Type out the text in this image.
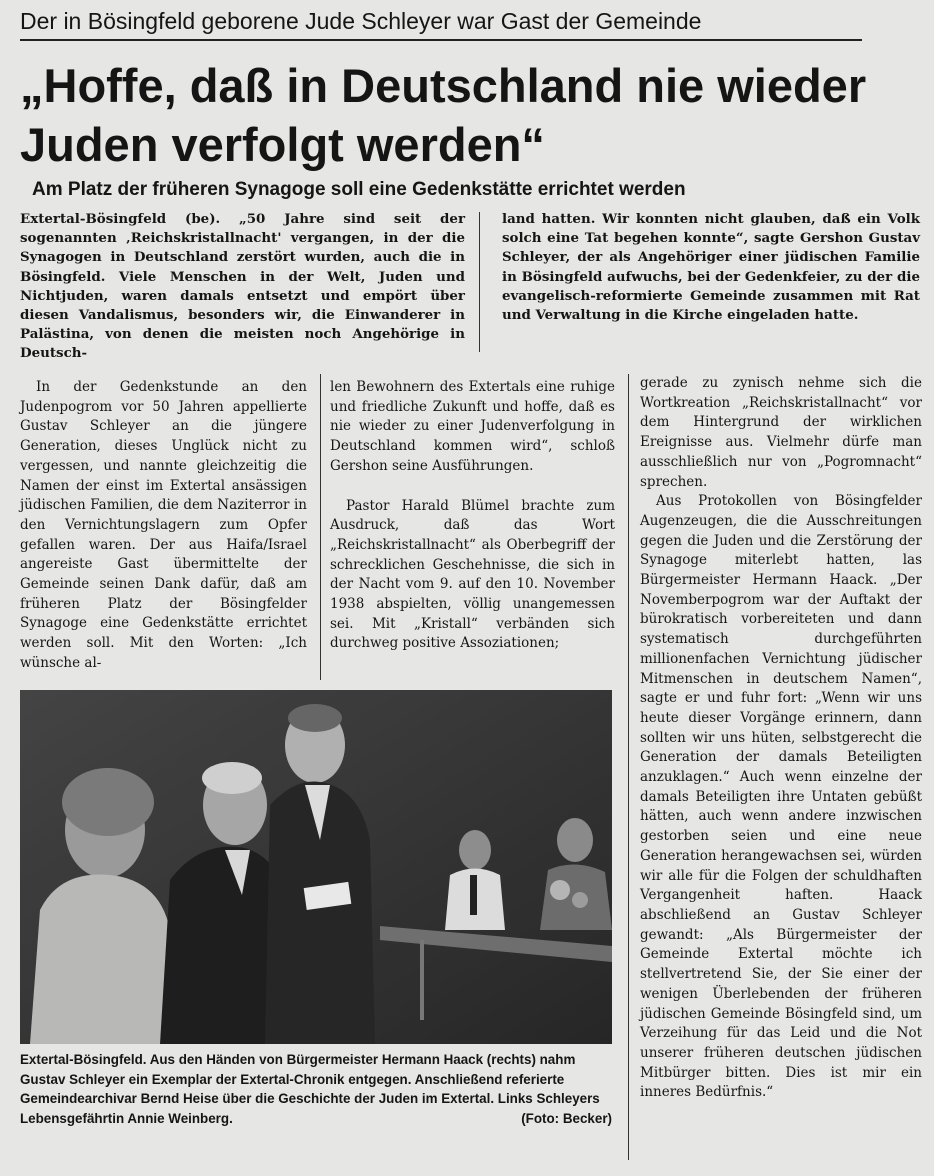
Der in Bösingfeld geborene Jude Schleyer war Gast der Gemeinde
„Hoffe, daß in Deutschland nie wieder Juden verfolgt werden“
Am Platz der früheren Synagoge soll eine Gedenkstätte errichtet werden
Extertal-Bösingfeld (be). „50 Jahre sind seit der sogenannten ‚Reichskristallnacht' vergangen, in der die Synagogen in Deutschland zerstört wurden, auch die in Bösingfeld. Viele Menschen in der Welt, Juden und Nichtjuden, waren damals entsetzt und empört über diesen Vandalismus, besonders wir, die Einwanderer in Palästina, von denen die meisten noch Angehörige in Deutsch-
land hatten. Wir konnten nicht glauben, daß ein Volk solch eine Tat begehen konnte“, sagte Gershon Gustav Schleyer, der als Angehöriger einer jüdischen Familie in Bösingfeld aufwuchs, bei der Gedenkfeier, zu der die evangelisch-reformierte Gemeinde zusammen mit Rat und Verwaltung in die Kirche eingeladen hatte.

In der Gedenkstunde an den Judenpogrom vor 50 Jahren appellierte Gustav Schleyer an die jüngere Generation, dieses Unglück nicht zu vergessen, und nannte gleichzeitig die Namen der einst im Extertal ansässigen jüdischen Familien, die dem Naziterror in den Vernichtungslagern zum Opfer gefallen waren. Der aus Haifa/Israel angereiste Gast übermittelte der Gemeinde seinen Dank dafür, daß am früheren Platz der Bösingfelder Synagoge eine Gedenkstätte errichtet werden soll. Mit den Worten: „Ich wünsche al-

len Bewohnern des Extertals eine ruhige und friedliche Zukunft und hoffe, daß es nie wieder zu einer Judenverfolgung in Deutschland kommen wird“, schloß Gershon seine Ausführungen.

Pastor Harald Blümel brachte zum Ausdruck, daß das Wort „Reichskristallnacht“ als Oberbegriff der schrecklichen Geschehnisse, die sich in der Nacht vom 9. auf den 10. November 1938 abspielten, völlig unangemessen sei. Mit „Kristall“ verbänden sich durchweg positive Assoziationen;

gerade zu zynisch nehme sich die Wortkreation „Reichskristallnacht“ vor dem Hintergrund der wirklichen Ereignisse aus. Vielmehr dürfe man ausschließlich nur von „Pogromnacht“ sprechen.

Aus Protokollen von Bösingfelder Augenzeugen, die die Ausschreitungen gegen die Juden und die Zerstörung der Synagoge miterlebt hatten, las Bürgermeister Hermann Haack. „Der Novemberpogrom war der Auftakt der bürokratisch vorbereiteten und dann systematisch durchgeführten millionenfachen Vernichtung jüdischer Mitmenschen in deutschem Namen“, sagte er und fuhr fort: „Wenn wir uns heute dieser Vorgänge erinnern, dann sollten wir uns hüten, selbstgerecht die Generation der damals Beteiligten anzuklagen.“ Auch wenn einzelne der damals Beteiligten ihre Untaten gebüßt hätten, auch wenn andere inzwischen gestorben seien und eine neue Generation herangewachsen sei, würden wir alle für die Folgen der schuldhaften Vergangenheit haften. Haack abschließend an Gustav Schleyer gewandt: „Als Bürgermeister der Gemeinde Extertal möchte ich stellvertretend Sie, der Sie einer der wenigen Überlebenden der früheren jüdischen Gemeinde Bösingfeld sind, um Verzeihung für das Leid und die Not unserer früheren deutschen jüdischen Mitbürger bitten. Dies ist mir ein inneres Bedürfnis.“

Extertal-Bösingfeld. Aus den Händen von Bürgermeister Hermann Haack (rechts) nahm Gustav Schleyer ein Exemplar der Extertal-Chronik entgegen. Anschließend referierte Gemeindearchivar Bernd Heise über die Geschichte der Juden im Extertal. Links Schleyers Lebensgefährtin Annie Weinberg.	(Foto: Becker)
